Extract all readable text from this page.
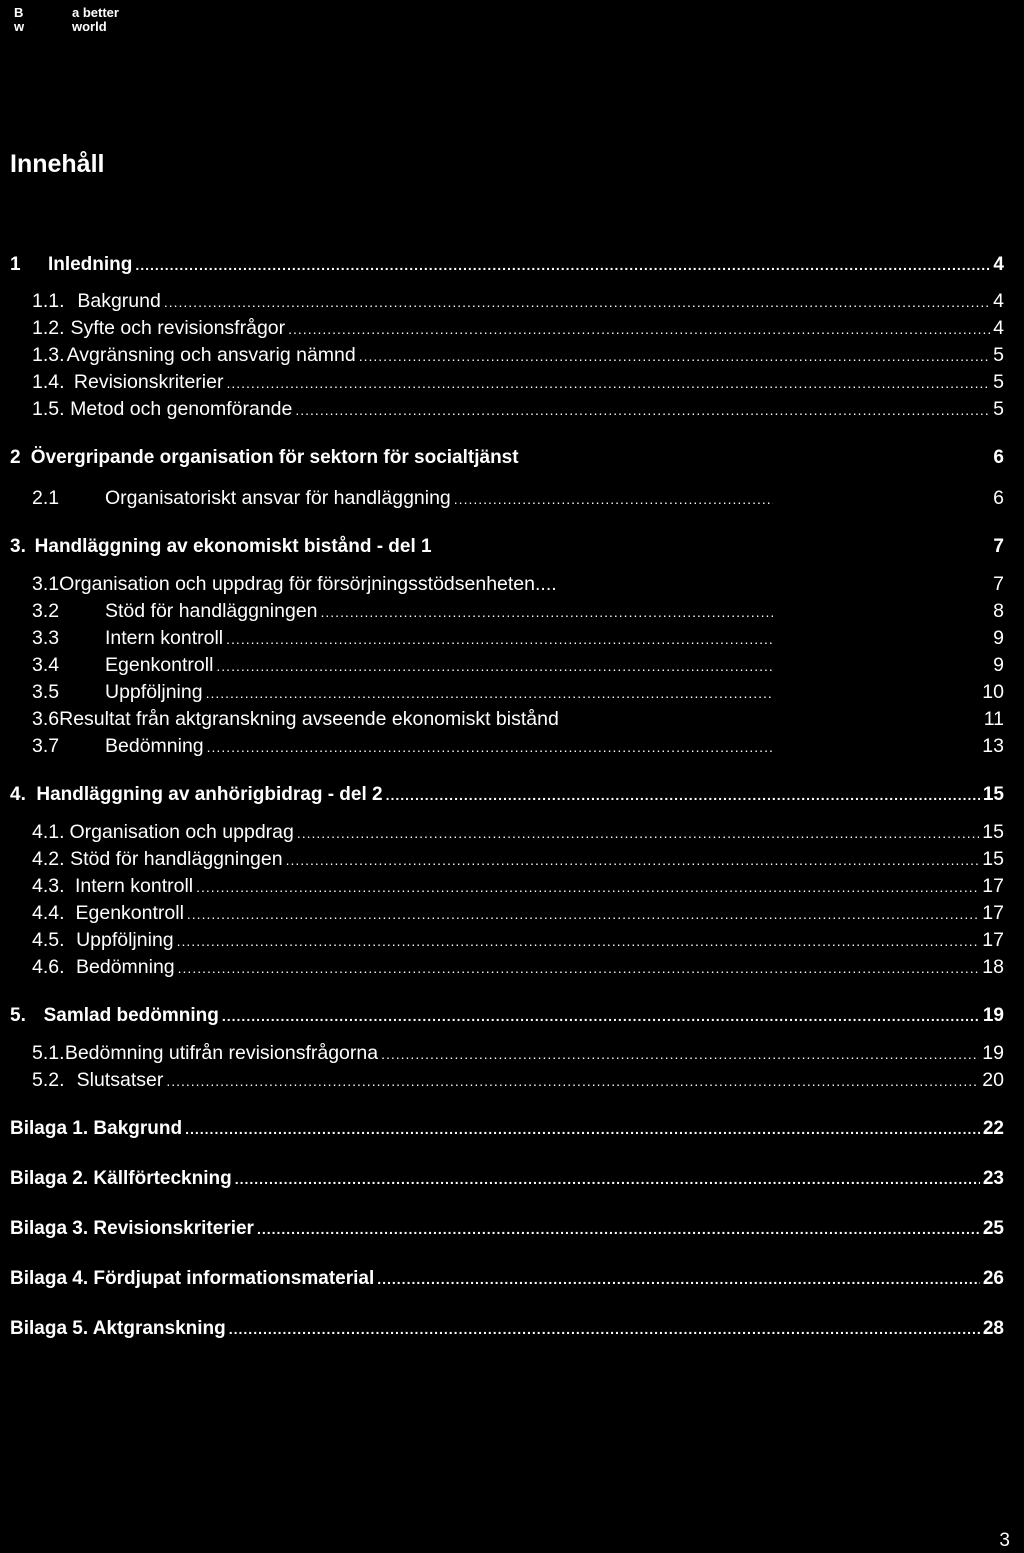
B	a better
w	world
Innehåll
1	Inledning .....	4
1.1. Bakgrund .....	4
1.2. Syfte och revisionsfrågor .....	4
1.3. Avgränsning och ansvarig nämnd .....	5
1.4. Revisionskriterier .....	5
1.5. Metod och genomförande .....	5
2 Övergripande organisation för sektorn för socialtjänst	6
2.1	Organisatoriskt ansvar för handläggning .....	6
3. Handläggning av ekonomiskt bistånd - del 1	7
3.1 Organisation och uppdrag för försörjningsstödsenheten....	7
3.2	Stöd för handläggningen .....	8
3.3	Intern kontroll .....	9
3.4	Egenkontroll .....	9
3.5	Uppföljning .....	10
3.6 Resultat från aktgranskning avseende ekonomiskt bistånd	11
3.7	Bedömning .....	13
4. Handläggning av anhörigbidrag - del 2 .....	15
4.1. Organisation och uppdrag .....	15
4.2. Stöd för handläggningen .....	15
4.3. Intern kontroll .....	17
4.4. Egenkontroll .....	17
4.5. Uppföljning .....	17
4.6. Bedömning .....	18
5. Samlad bedömning .....	19
5.1. Bedömning utifrån revisionsfrågorna .....	19
5.2. Slutsatser .....	20
Bilaga 1. Bakgrund .....	22
Bilaga 2. Källförteckning .....	23
Bilaga 3. Revisionskriterier .....	25
Bilaga 4. Fördjupat informationsmaterial .....	26
Bilaga 5. Aktgranskning .....	28
3
